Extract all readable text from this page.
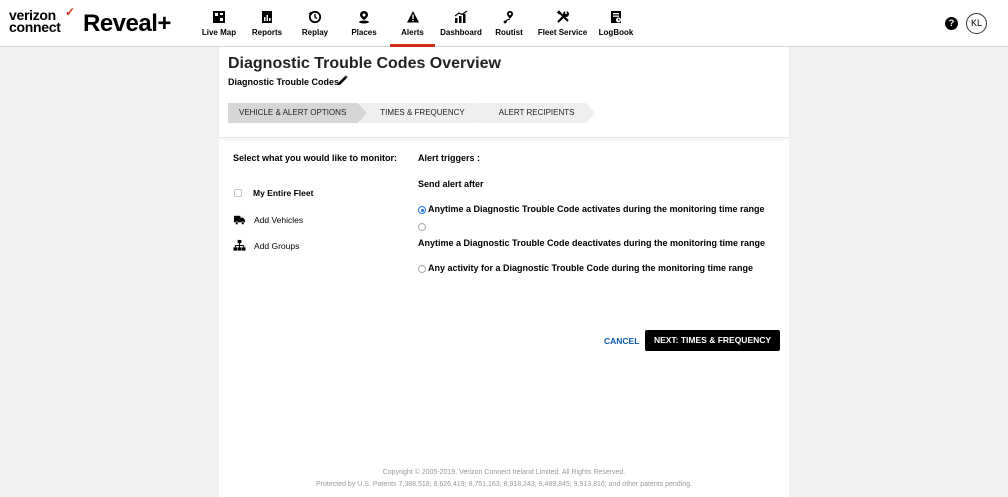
verizon ✓
connect Reveal+	Live Map Reports Replay	Places	Alerts Dashboard Routist Fleet Service LogBook
?	KL
Diagnostic Trouble Codes Overview
Diagnostic Trouble Codes
VEHICLE & ALERT OPTIONS	TIMES & FREQUENCY	ALERT RECIPIENTS
Select what you would like to monitor:
My Entire Fleet
Add Vehicles
Add Groups
Alert triggers :
Send alert after
Anytime a Diagnostic Trouble Code activates during the monitoring time range
Anytime a Diagnostic Trouble Code deactivates during the monitoring time range
Any activity for a Diagnostic Trouble Code during the monitoring time range
CANCEL	NEXT: TIMES & FREQUENCY
Copyright © 2005-2019. Verizon Connect Ireland Limited. All Rights Reserved.
Protected by U.S. Patents 7,388,518; 8,626,419; 8,751,163; 8,918,243; 9,489,845; 9,913,816; and other patents pending.
